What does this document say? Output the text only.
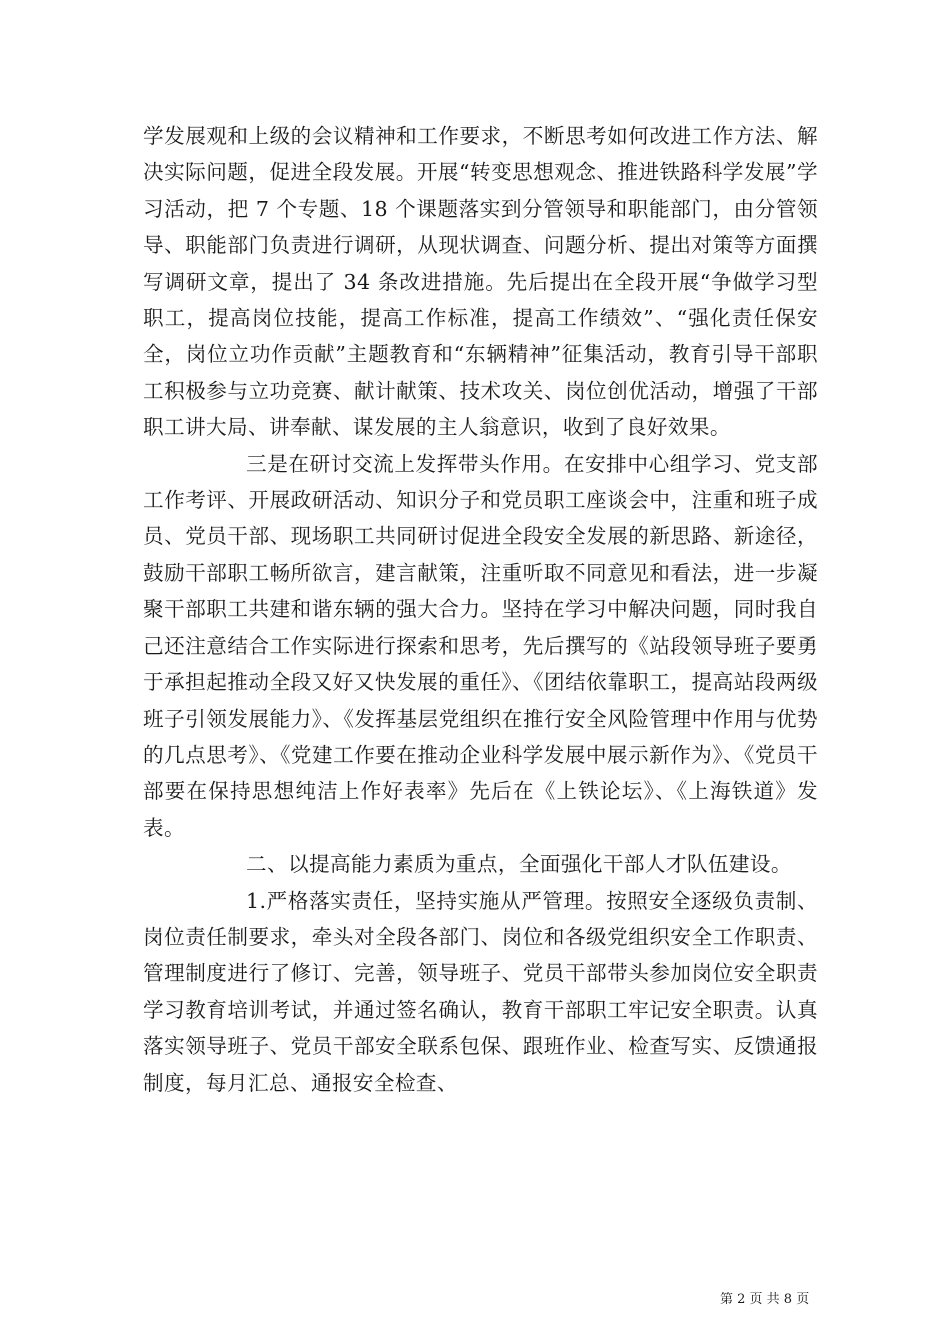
学发展观和上级的会议精神和工作要求，不断思考如何改进工作方法、解决实际问题，促进全段发展。开展“转变思想观念、推进铁路科学发展”学习活动，把 7 个专题、18 个课题落实到分管领导和职能部门，由分管领导、职能部门负责进行调研，从现状调查、问题分析、提出对策等方面撰写调研文章，提出了 34 条改进措施。先后提出在全段开展“争做学习型职工，提高岗位技能，提高工作标准，提高工作绩效”、“强化责任保安全，岗位立功作贡献”主题教育和“东辆精神”征集活动，教育引导干部职工积极参与立功竞赛、献计献策、技术攻关、岗位创优活动，增强了干部职工讲大局、讲奉献、谋发展的主人翁意识，收到了良好效果。

三是在研讨交流上发挥带头作用。在安排中心组学习、党支部工作考评、开展政研活动、知识分子和党员职工座谈会中，注重和班子成员、党员干部、现场职工共同研讨促进全段安全发展的新思路、新途径，鼓励干部职工畅所欲言，建言献策，注重听取不同意见和看法，进一步凝聚干部职工共建和谐东辆的强大合力。坚持在学习中解决问题，同时我自己还注意结合工作实际进行探索和思考，先后撰写的《站段领导班子要勇于承担起推动全段又好又快发展的重任》、《团结依靠职工，提高站段两级班子引领发展能力》、《发挥基层党组织在推行安全风险管理中作用与优势的几点思考》、《党建工作要在推动企业科学发展中展示新作为》、《党员干部要在保持思想纯洁上作好表率》先后在《上铁论坛》、《上海铁道》发表。

二、以提高能力素质为重点，全面强化干部人才队伍建设。

1.严格落实责任，坚持实施从严管理。按照安全逐级负责制、岗位责任制要求，牵头对全段各部门、岗位和各级党组织安全工作职责、管理制度进行了修订、完善，领导班子、党员干部带头参加岗位安全职责学习教育培训考试，并通过签名确认，教育干部职工牢记安全职责。认真落实领导班子、党员干部安全联系包保、跟班作业、检查写实、反馈通报制度，每月汇总、通报安全检查、

第 2 页 共 8 页
